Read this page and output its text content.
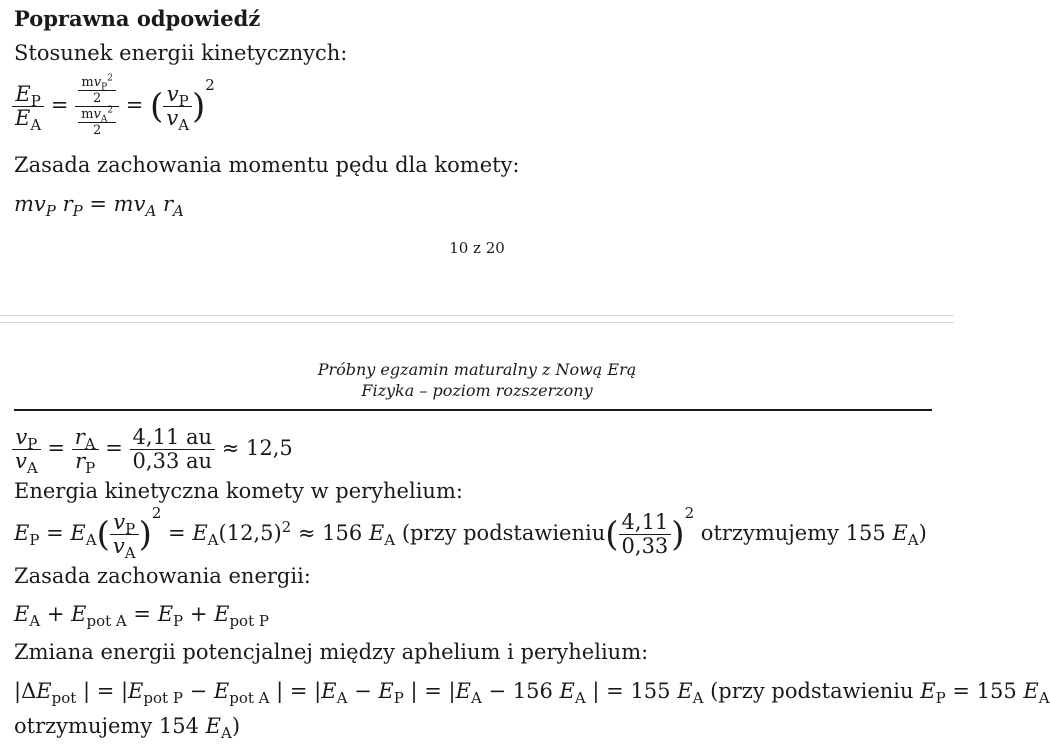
Poprawna odpowiedź
Stosunek energii kinetycznych:
$\frac{E_P}{E_A} = \frac{\frac{mv_P^2}{2}}{\frac{mv_A^2}{2}}$ = ( $\frac{v_P}{v_A} )^2$
Zasada zachowania momentu pędu dla komety:
$mv_P$ $r_P = mv_A$ $r_A$
10 z 20
Próbny egzamin maturalny z Nową Erą
Fizyka – poziom rozszerzony
$\frac{v_P}{v_A} = \frac{r_A}{r_P} = \frac{4,11 au}{0,33 au} \approx 12,5$
Energia kinetyczna komety w peryhelium:
$E_P = E_A( \frac{v_P}{v_A} )^2 = E_A(12,5)^2 \approx 156$ $E_A$ (przy podstawieniu( $\frac{4,11}{0,33} )^2$ otrzymujemy 155 $E_A$)
Zasada zachowania energii:
$E_A + E_{pot A} = E_P + E_{pot P}$
Zmiana energii potencjalnej między aphelium i peryhelium:
$|\Delta E_{pot}$ | = $|E_{pot P} - E_{pot A}$ | = $|E_A - E_P$ | = $|E_A - 156$ $E_A$ | = 155 $E_A$ (przy podstawieniu $E_P = 155$ $E_A$
otrzymujemy 154 $E_A$)
